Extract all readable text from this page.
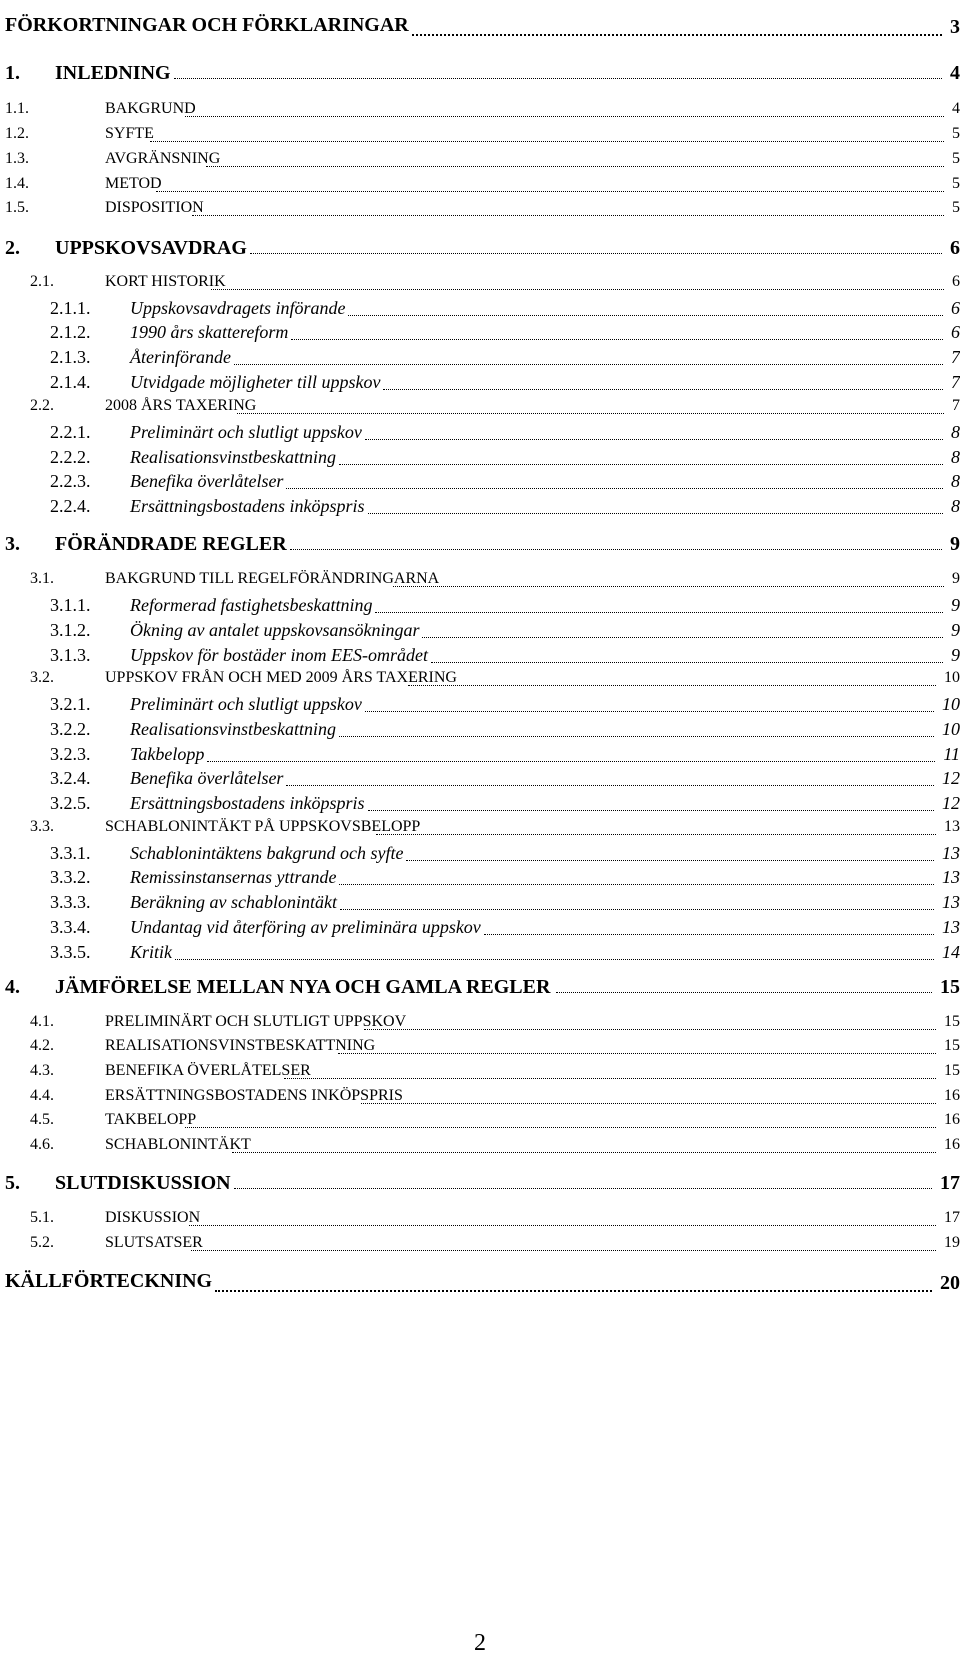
FÖRKORTNINGAR OCH FÖRKLARINGAR	3
1. INLEDNING	4
1.1.	BAKGRUND	4
1.2.	SYFTE	5
1.3.	AVGRÄNSNING	5
1.4.	METOD	5
1.5.	DISPOSITION	5
2. UPPSKOVSAVDRAG	6
2.1.	KORT HISTORIK	6
2.1.1. Uppskovsavdragets införande	6
2.1.2. 1990 års skattereform	6
2.1.3. Återinförande	7
2.1.4. Utvidgade möjligheter till uppskov	7
2.2.	2008 ÅRS TAXERING	7
2.2.1. Preliminärt och slutligt uppskov	8
2.2.2. Realisationsvinstbeskattning	8
2.2.3. Benefika överlåtelser	8
2.2.4. Ersättningsbostadens inköpspris	8
3. FÖRÄNDRADE REGLER	9
3.1.	BAKGRUND TILL REGELFÖRÄNDRINGARNA	9
3.1.1. Reformerad fastighetsbeskattning	9
3.1.2. Ökning av antalet uppskovsansökningar	9
3.1.3. Uppskov för bostäder inom EES-området	9
3.2.	UPPSKOV FRÅN OCH MED 2009 ÅRS TAXERING	10
3.2.1. Preliminärt och slutligt uppskov	10
3.2.2. Realisationsvinstbeskattning	10
3.2.3. Takbelopp	11
3.2.4. Benefika överlåtelser	12
3.2.5. Ersättningsbostadens inköpspris	12
3.3.	SCHABLONINTÄKT PÅ UPPSKOVSBELOPP	13
3.3.1. Schablonintäktens bakgrund och syfte	13
3.3.2. Remissinstansernas yttrande	13
3.3.3. Beräkning av schablonintäkt	13
3.3.4. Undantag vid återföring av preliminära uppskov	13
3.3.5. Kritik	14
4. JÄMFÖRELSE MELLAN NYA OCH GAMLA REGLER	15
4.1.	PRELIMINÄRT OCH SLUTLIGT UPPSKOV	15
4.2.	REALISATIONSVINSTBESKATTNING	15
4.3.	BENEFIKA ÖVERLÅTELSER	15
4.4.	ERSÄTTNINGSBOSTADENS INKÖPSPRIS	16
4.5.	TAKBELOPP	16
4.6.	SCHABLONINTÄKT	16
5. SLUTDISKUSSION	17
5.1.	DISKUSSION	17
5.2.	SLUTSATSER	19
KÄLLFÖRTECKNING	20
2
